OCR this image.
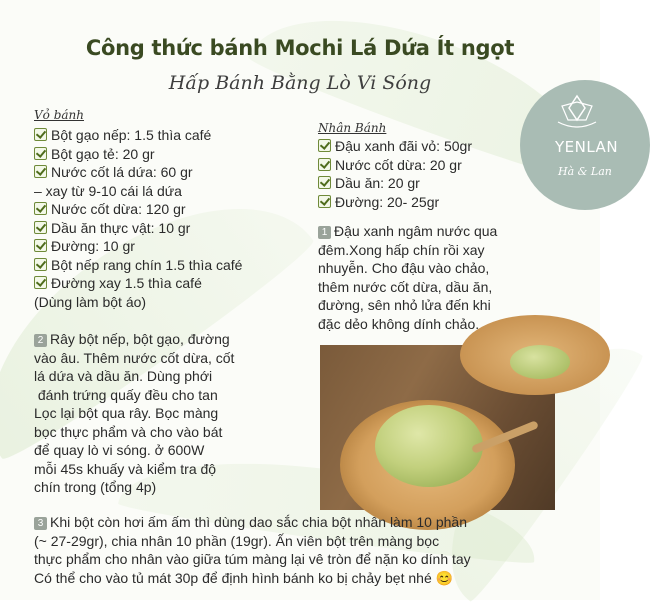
Công thức bánh Mochi Lá Dứa Ít ngọt
Hấp Bánh Bằng Lò Vi Sóng
YENLAN
Hà & Lan
Vỏ bánh
Bột gạo nếp: 1.5 thìa café
Bột gạo tẻ: 20 gr
Nước cốt lá dứa: 60 gr
– xay từ 9-10 cái lá dứa
Nước cốt dừa: 120 gr
Dầu ăn thực vật: 10 gr
Đường: 10 gr
Bột nếp rang chín 1.5 thìa café
Đường xay 1.5 thìa café
(Dùng làm bột áo)
Nhân Bánh
Đậu xanh đãi vỏ: 50gr
Nước cốt dừa: 20 gr
Dầu ăn: 20 gr
Đường: 20- 25gr
1 Đậu xanh ngâm nước qua
đêm.Xong hấp chín rồi xay
nhuyễn. Cho đậu vào chảo,
thêm nước cốt dừa, dầu ăn,
đường, sên nhỏ lửa đến khi
đặc dẻo không dính chảo.
2 Rây bột nếp, bột gạo, đường
vào âu. Thêm nước cốt dừa, cốt
lá dứa và dầu ăn. Dùng phới
đánh trứng quấy đều cho tan
Lọc lại bột qua rây. Bọc màng
bọc thực phẩm và cho vào bát
để quay lò vi sóng. ở 600W
mỗi 45s khuấy và kiểm tra độ
chín trong (tổng 4p)
3 Khi bột còn hơi ấm ấm thì dùng dao sắc chia bột nhân làm 10 phần
(~ 27-29gr), chia nhân 10 phần (19gr). Ấn viên bột trên màng bọc
thực phẩm cho nhân vào giữa túm màng lại vê tròn để nặn ko dính tay
Có thể cho vào tủ mát 30p để định hình bánh ko bị chảy bẹt nhé 😊
